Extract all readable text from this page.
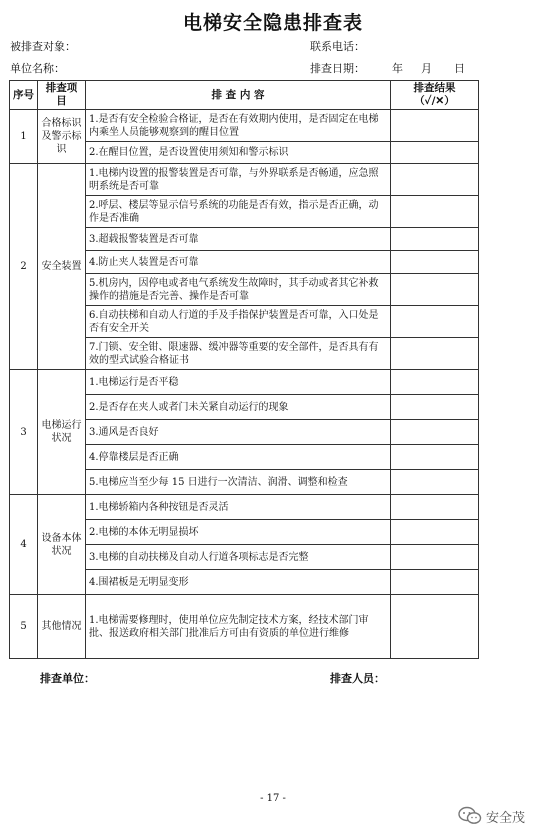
电梯安全隐患排查表
被排查对象：	联系电话：
单位名称：	排查日期： 年 月 日
序号	排查项目	排 查 内 容	排查结果
（✓/✕）

1	合格标识及警示标识	1.是否有安全检验合格证，是否在有效期内使用，是否固定在电梯内乘坐人员能够观察到的醒目位置	
		2.在醒目位置，是否设置使用须知和警示标识	
2	安全装置	1.电梯内设置的报警装置是否可靠，与外界联系是否畅通，应急照明系统是否可靠	
		2.呼层、楼层等显示信号系统的功能是否有效，指示是否正确，动作是否准确	
		3.超载报警装置是否可靠	
		4.防止夹人装置是否可靠	
		5.机房内，因停电或者电气系统发生故障时，其手动或者其它补救操作的措施是否完善、操作是否可靠	
		6.自动扶梯和自动人行道的手及手指保护装置是否可靠，入口处是否有安全开关	
		7.门锁、安全钳、限速器、缓冲器等重要的安全部件，是否具有有效的型式试验合格证书	
3	电梯运行状况	1.电梯运行是否平稳	
		2.是否存在夹人或者门未关紧自动运行的现象	
		3.通风是否良好	
		4.停靠楼层是否正确	
		5.电梯应当至少每 15 日进行一次清洁、润滑、调整和检查	
4	设备本体状况	1.电梯轿箱内各种按钮是否灵活	
		2.电梯的本体无明显损坏	
		3.电梯的自动扶梯及自动人行道各项标志是否完整	
		4.围裙板是无明显变形	
5	其他情况	1.电梯需要修理时，使用单位应先制定技术方案，经技术部门审批、报送政府相关部门批准后方可由有资质的单位进行维修	
排查单位：	排查人员：
- 17 -
安全茂
